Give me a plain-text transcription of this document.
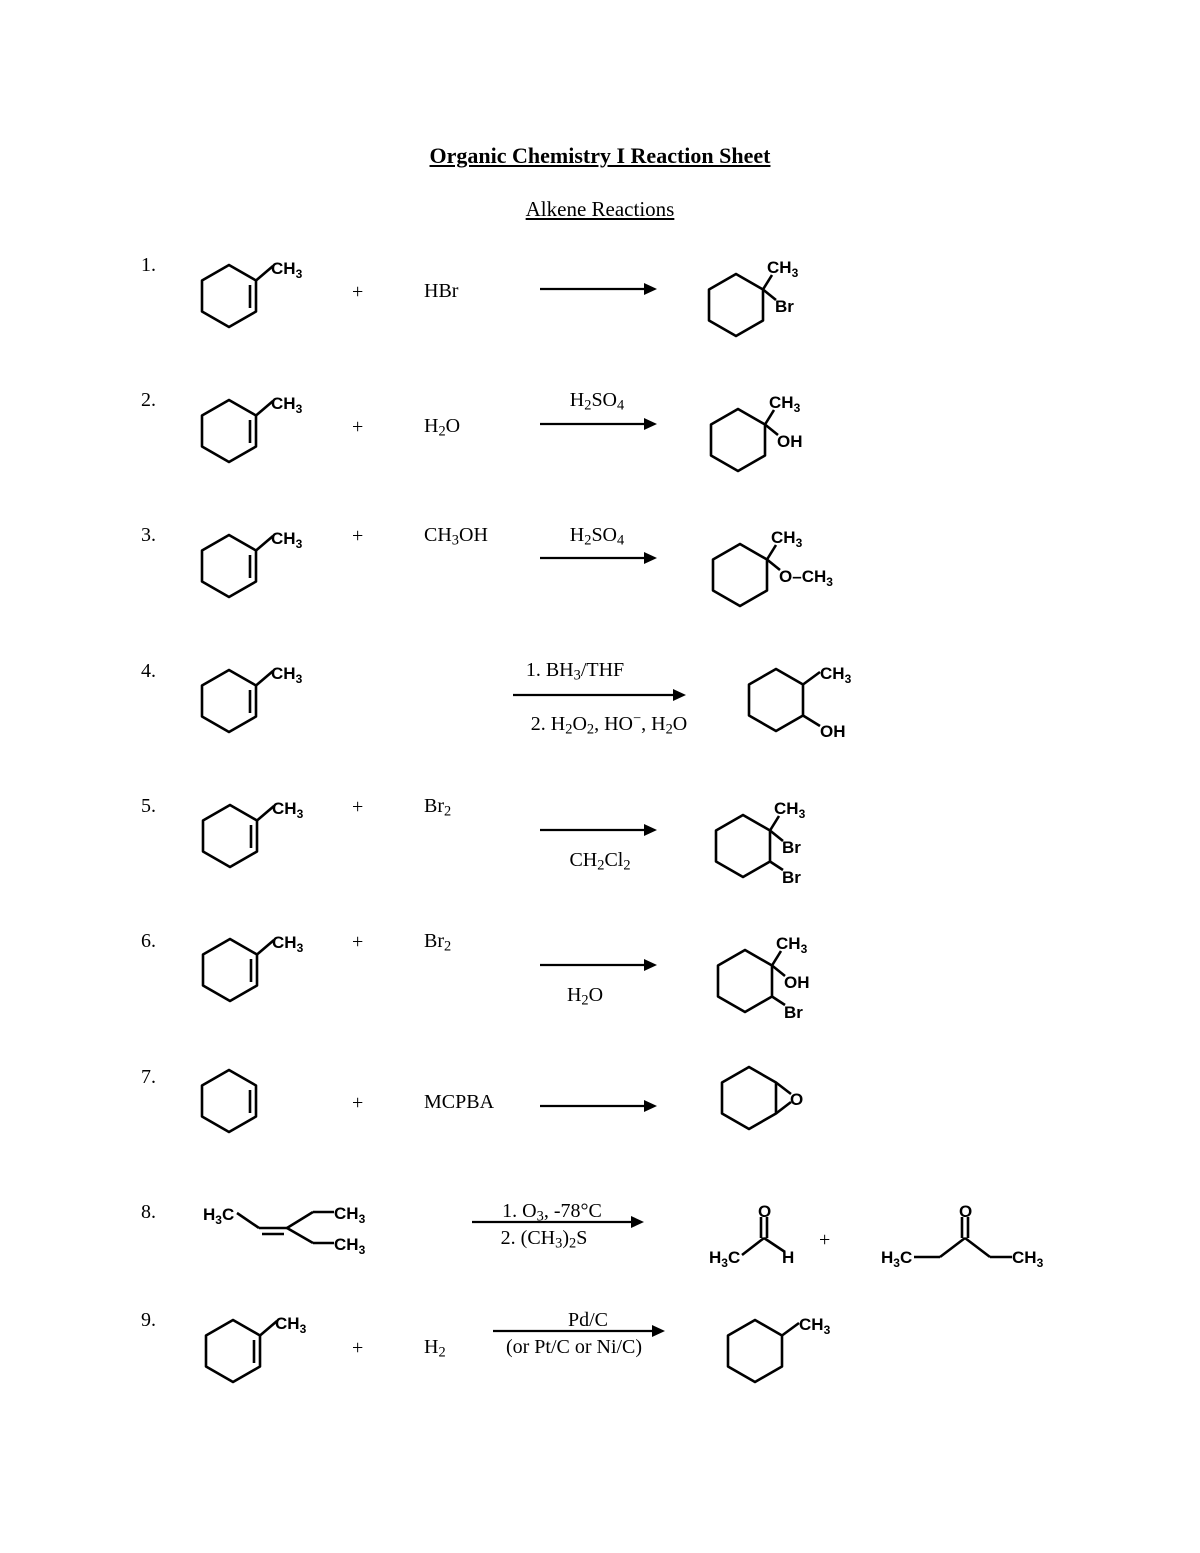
Organic Chemistry I Reaction Sheet
Alkene Reactions
1.
2.
3.
4.
5.
6.
7.
8.
9.
+
+
+
+
+
+
+
+
HBr
$H_2O$
$CH_3OH$
$Br_2$
$Br_2$
MCPBA
$H_2$
$H_2SO_4$
$H_2SO_4$
1. $BH_3$/THF
2. $H_2O_2$, HO−, $H_2O$
$CH_2Cl_2$
$H_2O$
1. $O_3$, -78°C
2. $(CH_3)_2S$
Pd/C
(or Pt/C or Ni/C)
$CH_3$
$CH_3$
$CH_3$
$CH_3$
$CH_3$
$CH_3$
$CH_3$
$CH_3$
Br
$CH_3$
OH
$CH_3$
$O-CH_3$
$CH_3$
OH
$CH_3$
Br
Br
$CH_3$
OH
Br
O
$H_3C$	$CH_3$
$CH_3$	$H_3C$
O
H	$H_3C$
O
$CH_3$
$CH_3$
